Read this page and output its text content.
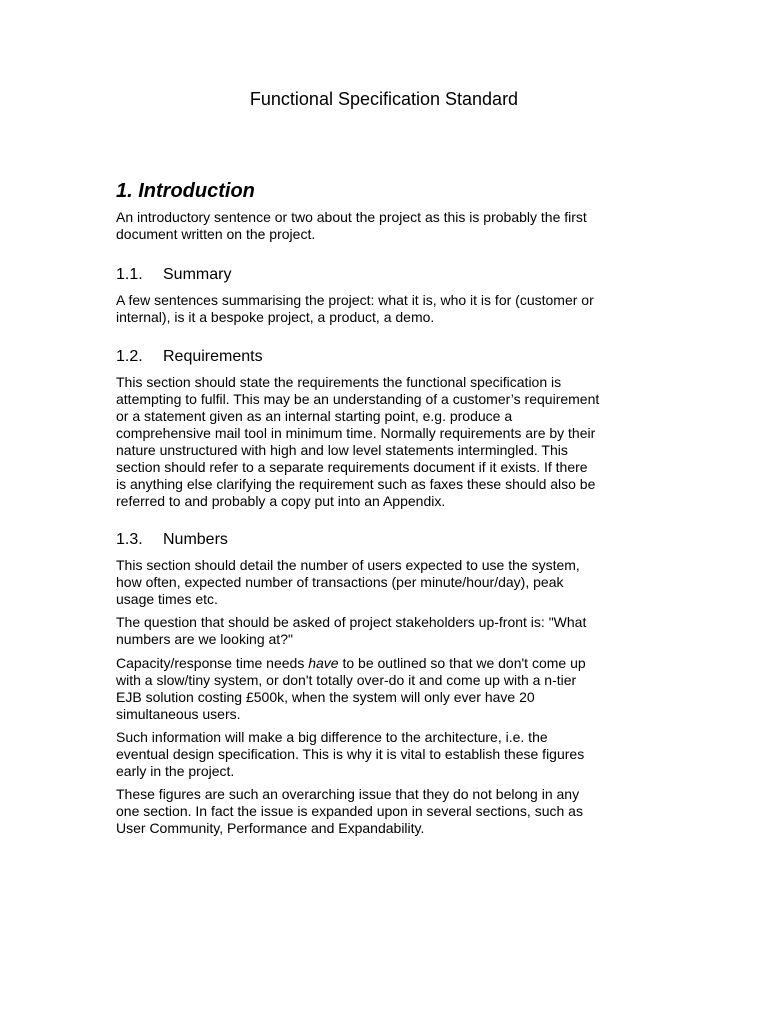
Functional Specification Standard
1. Introduction

An introductory sentence or two about the project as this is probably the first
document written on the project.

1.1. Summary

A few sentences summarising the project: what it is, who it is for (customer or
internal), is it a bespoke project, a product, a demo.

1.2. Requirements

This section should state the requirements the functional specification is
attempting to fulfil. This may be an understanding of a customer’s requirement
or a statement given as an internal starting point, e.g. produce a
comprehensive mail tool in minimum time. Normally requirements are by their
nature unstructured with high and low level statements intermingled. This
section should refer to a separate requirements document if it exists. If there
is anything else clarifying the requirement such as faxes these should also be
referred to and probably a copy put into an Appendix.

1.3. Numbers

This section should detail the number of users expected to use the system,
how often, expected number of transactions (per minute/hour/day), peak
usage times etc.

The question that should be asked of project stakeholders up-front is: "What
numbers are we looking at?"

Capacity/response time needs have to be outlined so that we don't come up
with a slow/tiny system, or don't totally over-do it and come up with a n-tier
EJB solution costing £500k, when the system will only ever have 20
simultaneous users.

Such information will make a big difference to the architecture, i.e. the
eventual design specification. This is why it is vital to establish these figures
early in the project.

These figures are such an overarching issue that they do not belong in any
one section. In fact the issue is expanded upon in several sections, such as
User Community, Performance and Expandability.
